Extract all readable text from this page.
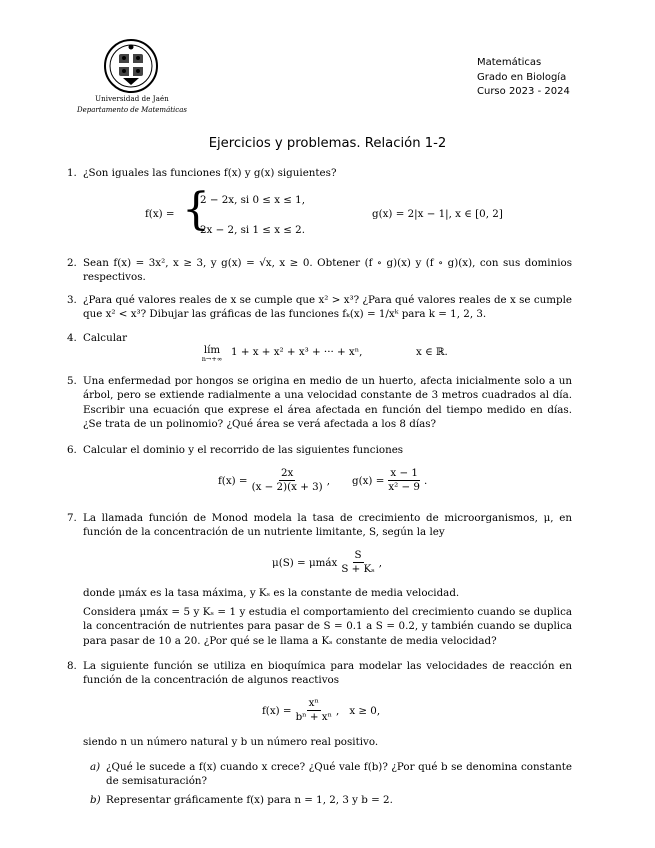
Universidad de Jaén
Departamento de Matemáticas
Matemáticas
Grado en Biología
Curso 2023 - 2024
Ejercicios y problemas. Relación 1-2
1. ¿Son iguales las funciones f(x) y g(x) siguientes?
f(x) = {
2 − 2x, si 0 ≤ x ≤ 1,
2x − 2, si 1 ≤ x ≤ 2.
g(x) = 2|x − 1|, x ∈ [0, 2]
2. Sean f(x) = 3x², x ≥ 3, y g(x) = √x, x ≥ 0. Obtener (f ∘ g)(x) y (f ∘ g)(x), con sus dominios respectivos.
3. ¿Para qué valores reales de x se cumple que x² > x³? ¿Para qué valores reales de x se cumple que x² < x³? Dibujar las gráficas de las funciones fₖ(x) = 1/xᵏ para k = 1, 2, 3.
4. Calcular
lím
n→+∞
1 + x + x² + x³ + ··· + xⁿ,	x ∈ ℝ.
5. Una enfermedad por hongos se origina en medio de un huerto, afecta inicialmente solo a un árbol, pero se extiende radialmente a una velocidad constante de 3 metros cuadrados al día. Escribir una ecuación que exprese el área afectada en función del tiempo medido en días. ¿Se trata de un polinomio? ¿Qué área se verá afectada a los 8 días?
6. Calcular el dominio y el recorrido de las siguientes funciones
$f(x) = \frac{2x}{(x - 2)(x + 3)}$ , $g(x) = \frac{x - 1}{\text{x² − 9}}$ .
7. La llamada función de Monod modela la tasa de crecimiento de microorganismos, μ, en función de la concentración de un nutriente limitante, S, según la ley
μ(S) = μmáx $\frac{S}{\text{S + Kₛ}}$ ,
donde μmáx es la tasa máxima, y Kₛ es la constante de media velocidad.
Considera μmáx = 5 y Kₛ = 1 y estudia el comportamiento del crecimiento cuando se duplica la concentración de nutrientes para pasar de S = 0.1 a S = 0.2, y también cuando se duplica para pasar de 10 a 20. ¿Por qué se le llama a Kₛ constante de media velocidad?
8. La siguiente función se utiliza en bioquímica para modelar las velocidades de reacción en función de la concentración de algunos reactivos
$f(x) = \frac{\text{xⁿ}}{\text{bⁿ + xⁿ}}$ , x ≥ 0,
siendo n un número natural y b un número real positivo.
a) ¿Qué le sucede a f(x) cuando x crece? ¿Qué vale f(b)? ¿Por qué b se denomina constante de semisaturación?
b) Representar gráficamente f(x) para n = 1, 2, 3 y b = 2.
